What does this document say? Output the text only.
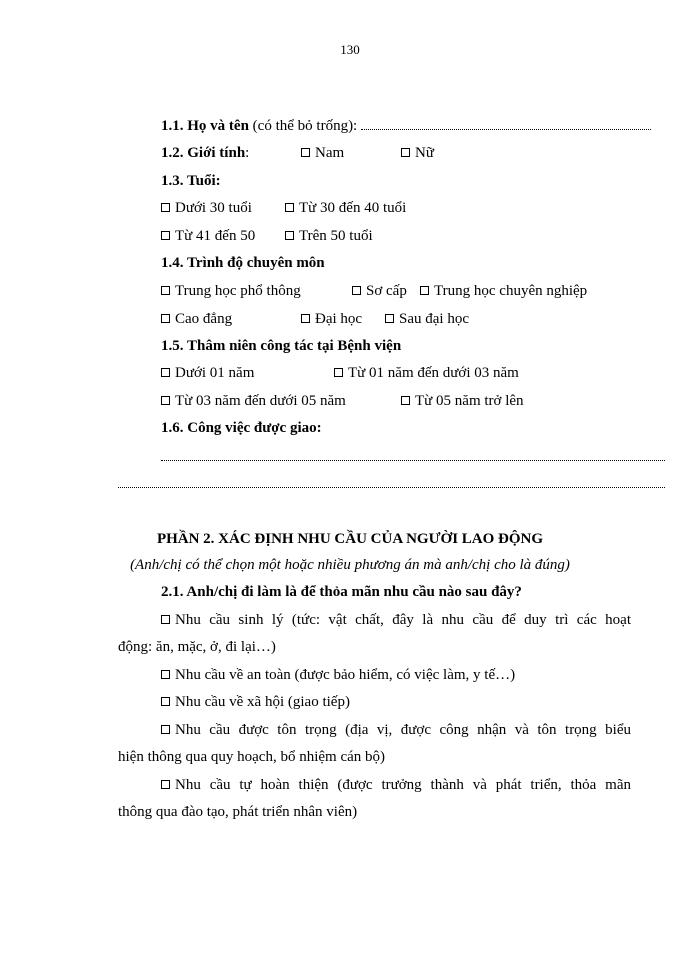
130
1.1. Họ và tên (có thể bỏ trống):
1.2. Giới tính:	Nam	Nữ
1.3. Tuổi:
Dưới 30 tuổi	Từ 30 đến 40 tuổi
Từ 41 đến 50	Trên 50 tuổi
1.4. Trình độ chuyên môn
Trung học phổ thông	Sơ cấp	Trung học chuyên nghiệp
Cao đẳng	Đại học	Sau đại học
1.5. Thâm niên công tác tại Bệnh viện
Dưới 01 năm	Từ 01 năm đến dưới 03 năm
Từ 03 năm đến dưới 05 năm	Từ 05 năm trở lên
1.6. Công việc được giao:
PHẦN 2. XÁC ĐỊNH NHU CẦU CỦA NGƯỜI LAO ĐỘNG
(Anh/chị có thể chọn một hoặc nhiều phương án mà anh/chị cho là đúng)
2.1. Anh/chị đi làm là để thỏa mãn nhu cầu nào sau đây?
Nhu cầu sinh lý (tức: vật chất, đây là nhu cầu để duy trì các hoạt
động: ăn, mặc, ở, đi lại…)
Nhu cầu về an toàn (được bảo hiểm, có việc làm, y tế…)
Nhu cầu về xã hội (giao tiếp)
Nhu cầu được tôn trọng (địa vị, được công nhận và tôn trọng biểu
hiện thông qua quy hoạch, bổ nhiệm cán bộ)
Nhu cầu tự hoàn thiện (được trưởng thành và phát triển, thỏa mãn
thông qua đào tạo, phát triển nhân viên)
